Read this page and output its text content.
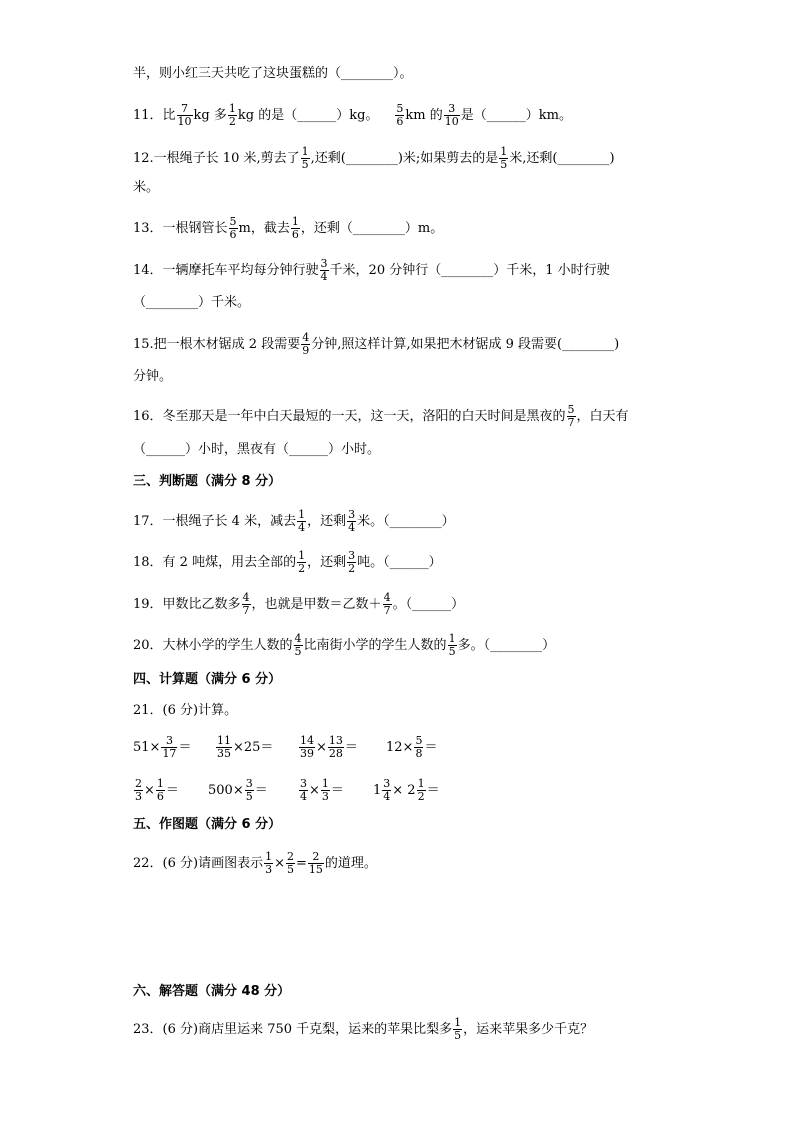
半，则小红三天共吃了这块蛋糕的（________）。
11．比 $\frac{7}{10}$ kg 多 $\frac{1}{2}$ kg 的是（______）kg。 $\frac{5}{6}$ km 的 $\frac{3}{10}$ 是（______）km。
12.一根绳子长 10 米,剪去了 $\frac{1}{5}$ ,还剩(________)米;如果剪去的是 $\frac{1}{5}$ 米,还剩(________)
米。
13．一根钢管长 $\frac{5}{6}$ m，截去 $\frac{1}{6}$ ，还剩（________）m。
14．一辆摩托车平均每分钟行驶 $\frac{3}{4}$ 千米，20 分钟行（________）千米，1 小时行驶
（________）千米。
15.把一根木材锯成 2 段需要 $\frac{4}{9}$ 分钟,照这样计算,如果把木材锯成 9 段需要(________)
分钟。
16．冬至那天是一年中白天最短的一天，这一天，洛阳的白天时间是黑夜的 $\frac{5}{7}$ ，白天有
（______）小时，黑夜有（______）小时。
三、判断题（满分 8 分）
17．一根绳子长 4 米，减去 $\frac{1}{4}$ ，还剩 $\frac{3}{4}$ 米。（________）
18．有 2 吨煤，用去全部的 $\frac{1}{2}$ ，还剩 $\frac{3}{2}$ 吨。（______）
19．甲数比乙数多 $\frac{4}{7}$ ，也就是甲数＝乙数＋ $\frac{4}{7}$ 。（______）
20．大林小学的学生人数的 $\frac{4}{5}$ 比南街小学的学生人数的 $\frac{1}{5}$ 多。（________）
四、计算题（满分 6 分）
21．(6 分)计算。
$51\times \frac{3}{17} = \frac{11}{35} \times 25= \frac{14}{39} \times \frac{13}{28} = 12\times \frac{5}{8}$ ＝
$\frac{2}{3} \times \frac{1}{6} = 500\times \frac{3}{5}$ ＝	$\frac{3}{4} \times \frac{1}{3} = 1 \frac{3}{4} \times 2 \frac{1}{2}$ ＝
五、作图题（满分 6 分）
22．(6 分)请画图表示 $\frac{1}{3} \times \frac{2}{5} = \frac{2}{15}$ 的道理。
六、解答题（满分 48 分）
23．(6 分)商店里运来 750 千克梨，运来的苹果比梨多 $\frac{1}{5}$ ，运来苹果多少千克？
